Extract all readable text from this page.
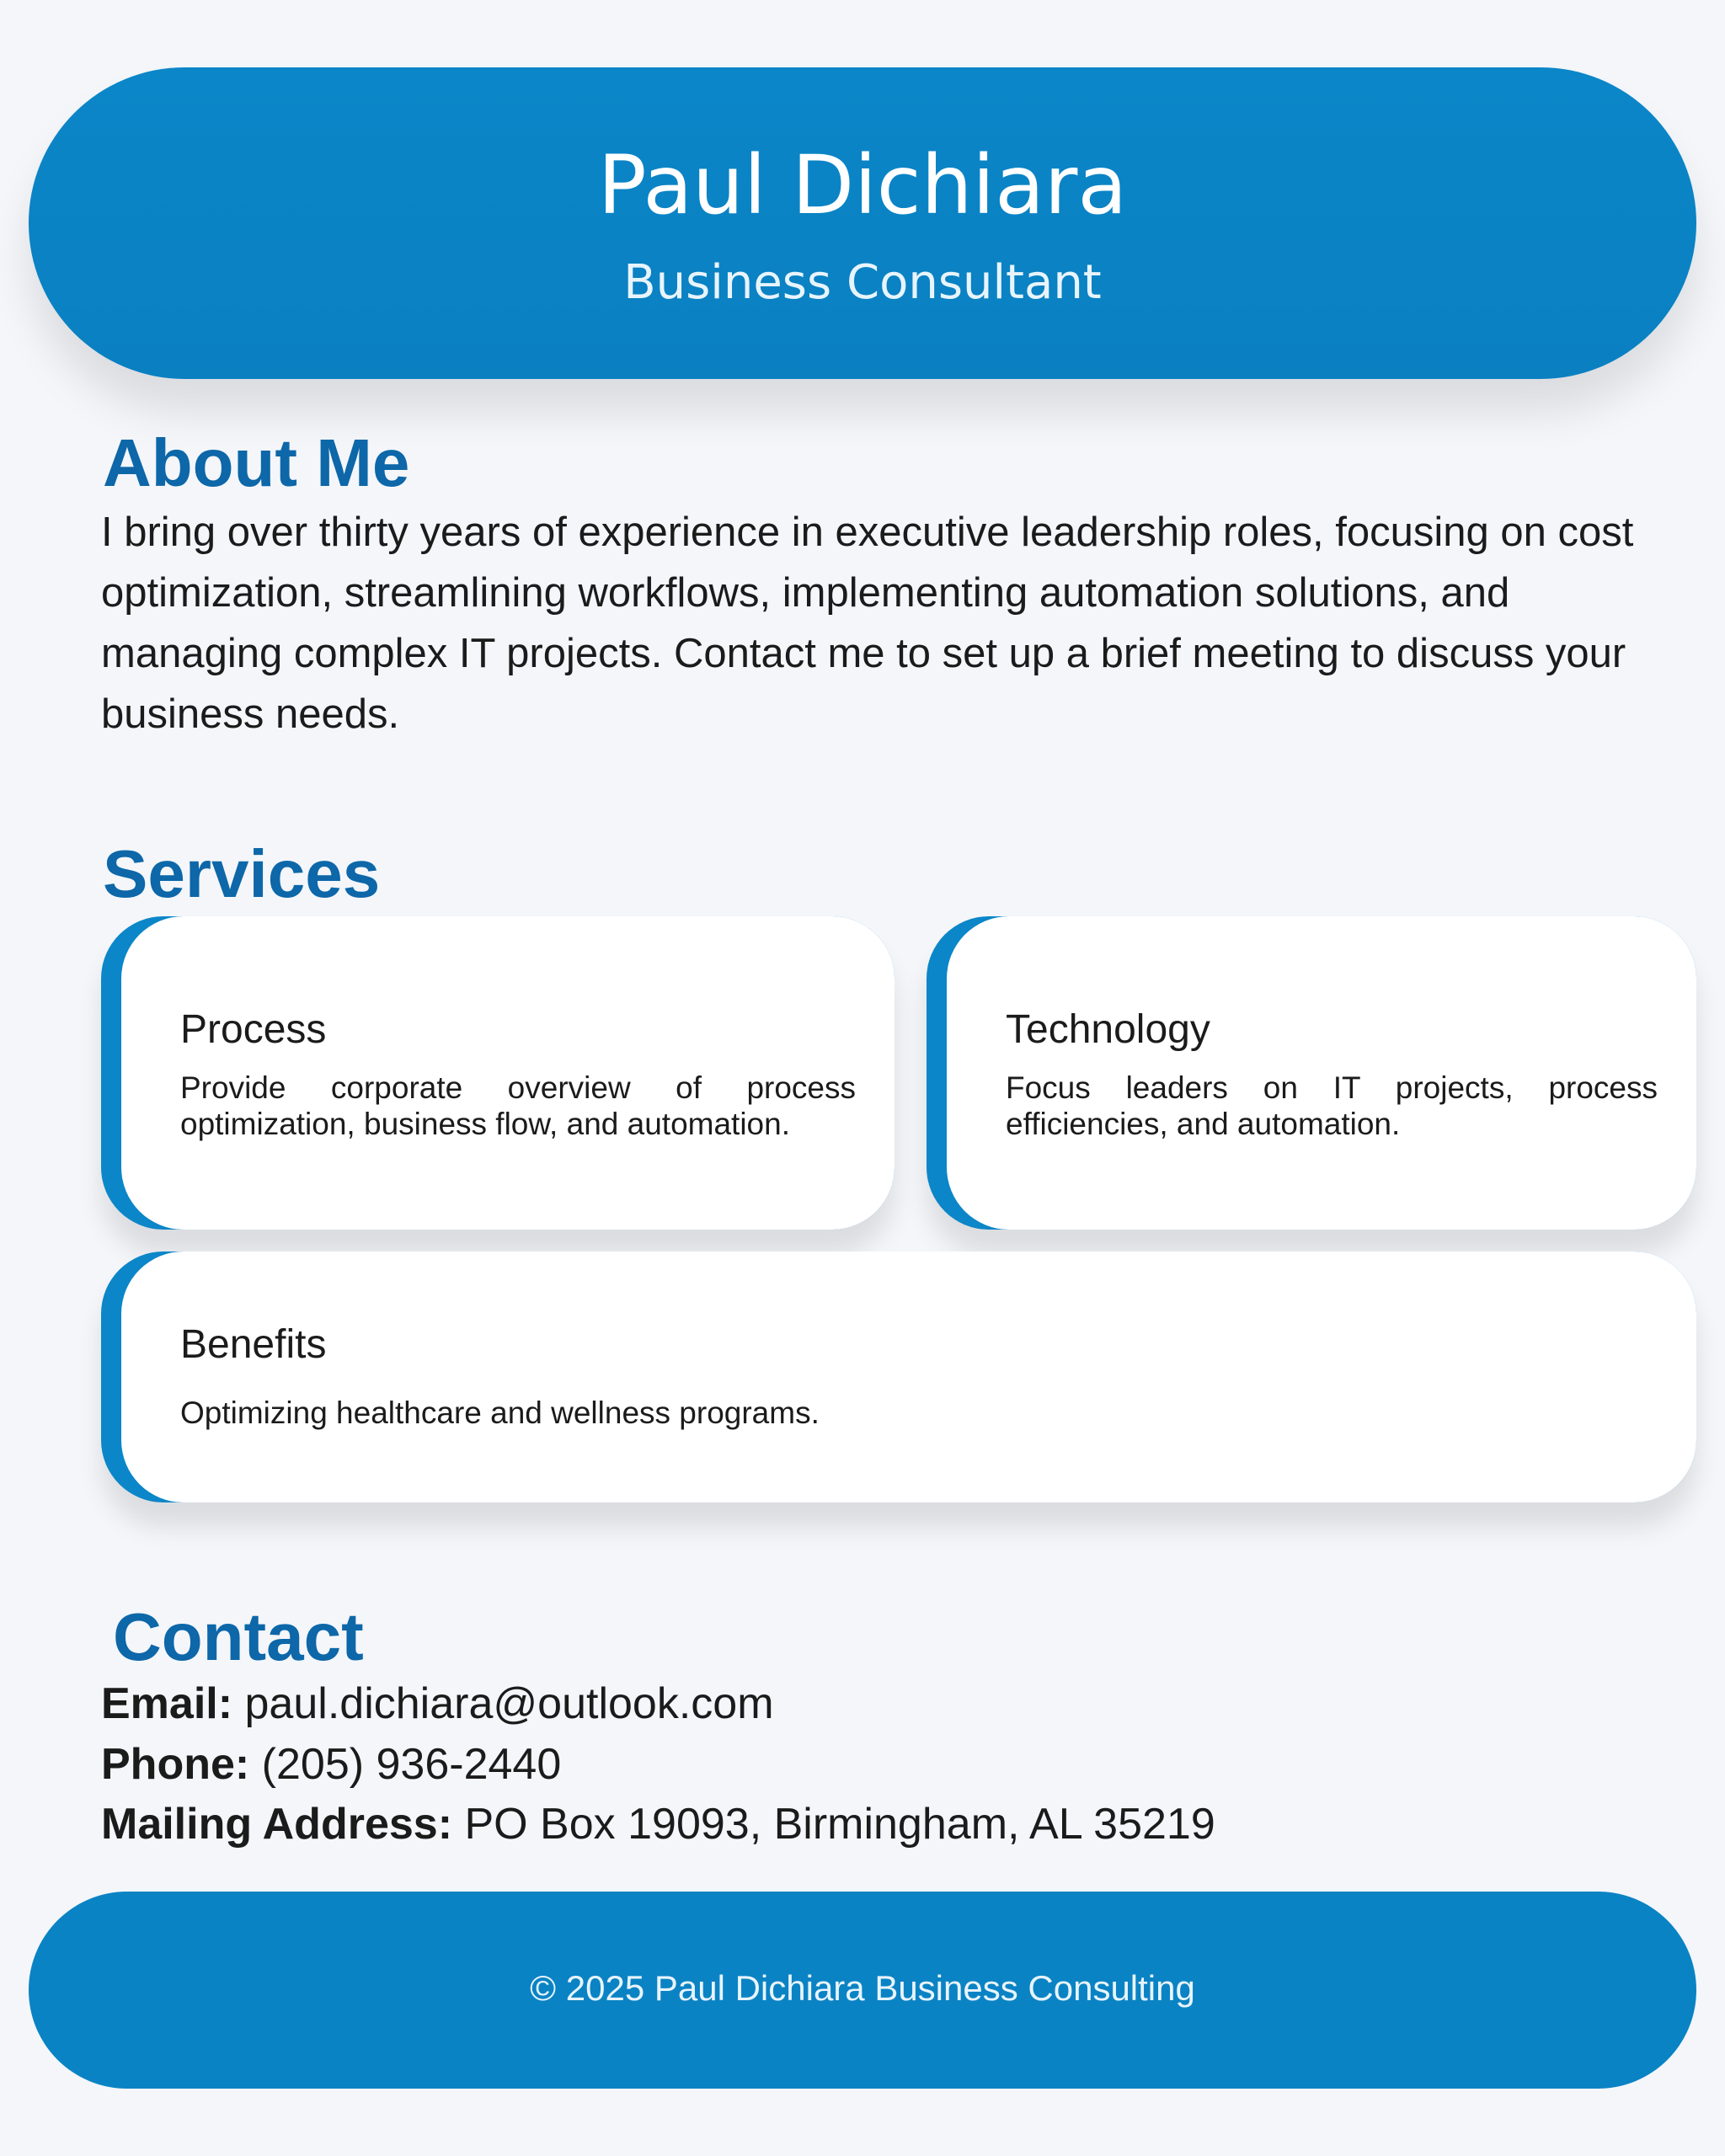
Paul Dichiara
Business Consultant
About Me
I bring over thirty years of experience in executive leadership roles, focusing on cost optimization, streamlining workflows, implementing automation solutions, and managing complex IT projects. Contact me to set up a brief meeting to discuss your business needs.
Services
Process
Provide corporate overview of process optimization, business flow, and automation.
Technology
Focus leaders on IT projects, process efficiencies, and automation.
Benefits
Optimizing healthcare and wellness programs.
Contact
Email: paul.dichiara@outlook.com
Phone: (205) 936-2440
Mailing Address: PO Box 19093, Birmingham, AL 35219
© 2025 Paul Dichiara Business Consulting
